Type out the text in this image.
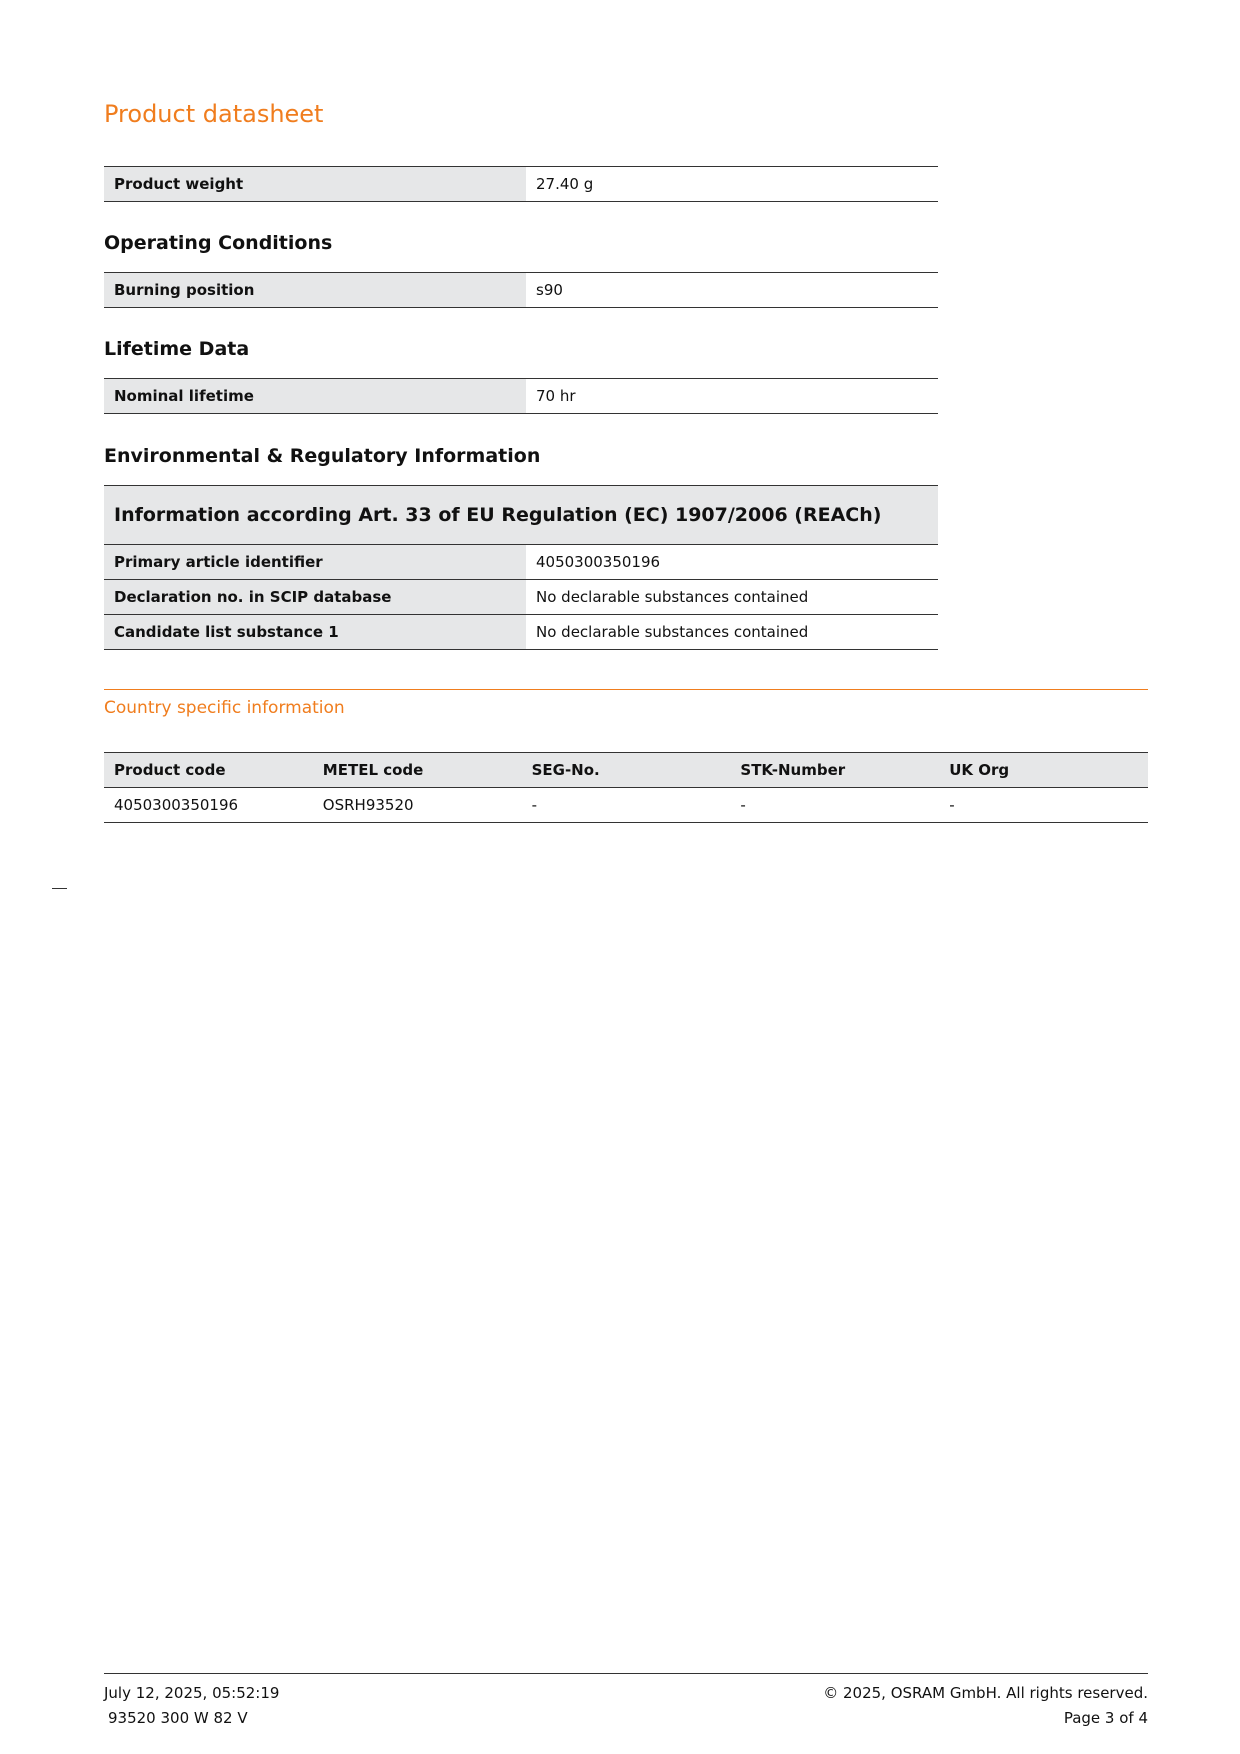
Product datasheet
Product weight	27.40 g
Operating Conditions
Burning position	s90
Lifetime Data
Nominal lifetime	70 hr
Environmental & Regulatory Information
Information according Art. 33 of EU Regulation (EC) 1907/2006 (REACh)	
Primary article identifier	4050300350196
Declaration no. in SCIP database	No declarable substances contained
Candidate list substance 1	No declarable substances contained
Country specific information
Product code	METEL code	SEG-No.	STK-Number	UK Org
4050300350196	OSRH93520	-	-	-
July 12, 2025, 05:52:19
93520 300 W 82 V
© 2025, OSRAM GmbH. All rights reserved.
Page 3 of 4
